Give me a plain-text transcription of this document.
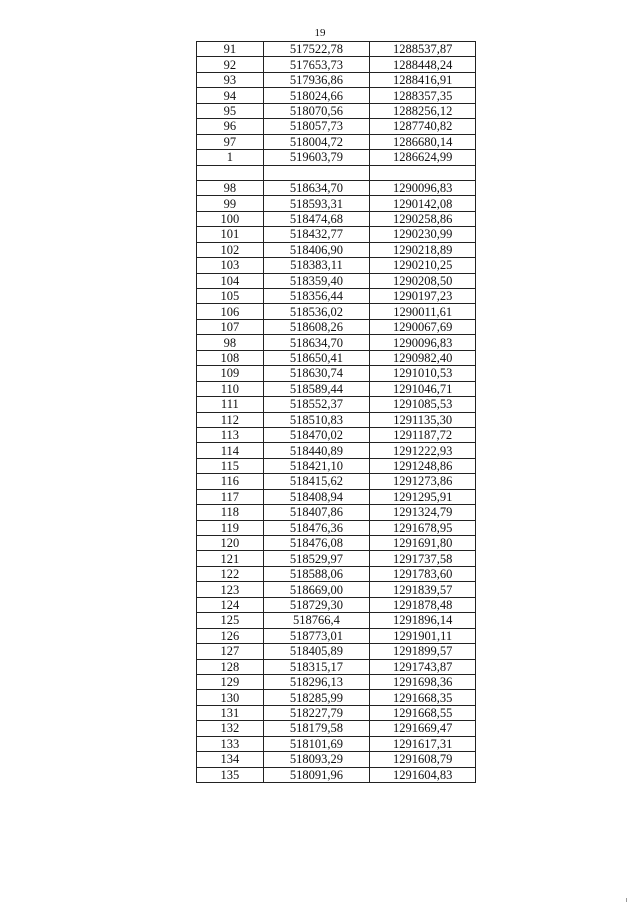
19
91	517522,78	1288537,87
92	517653,73	1288448,24
93	517936,86	1288416,91
94	518024,66	1288357,35
95	518070,56	1288256,12
96	518057,73	1287740,82
97	518004,72	1286680,14
1	519603,79	1286624,99

98	518634,70	1290096,83
99	518593,31	1290142,08
100	518474,68	1290258,86
101	518432,77	1290230,99
102	518406,90	1290218,89
103	518383,11	1290210,25
104	518359,40	1290208,50
105	518356,44	1290197,23
106	518536,02	1290011,61
107	518608,26	1290067,69
98	518634,70	1290096,83
108	518650,41	1290982,40
109	518630,74	1291010,53
110	518589,44	1291046,71
111	518552,37	1291085,53
112	518510,83	1291135,30
113	518470,02	1291187,72
114	518440,89	1291222,93
115	518421,10	1291248,86
116	518415,62	1291273,86
117	518408,94	1291295,91
118	518407,86	1291324,79
119	518476,36	1291678,95
120	518476,08	1291691,80
121	518529,97	1291737,58
122	518588,06	1291783,60
123	518669,00	1291839,57
124	518729,30	1291878,48
125	518766,4	1291896,14
126	518773,01	1291901,11
127	518405,89	1291899,57
128	518315,17	1291743,87
129	518296,13	1291698,36
130	518285,99	1291668,35
131	518227,79	1291668,55
132	518179,58	1291669,47
133	518101,69	1291617,31
134	518093,29	1291608,79
135	518091,96	1291604,83
